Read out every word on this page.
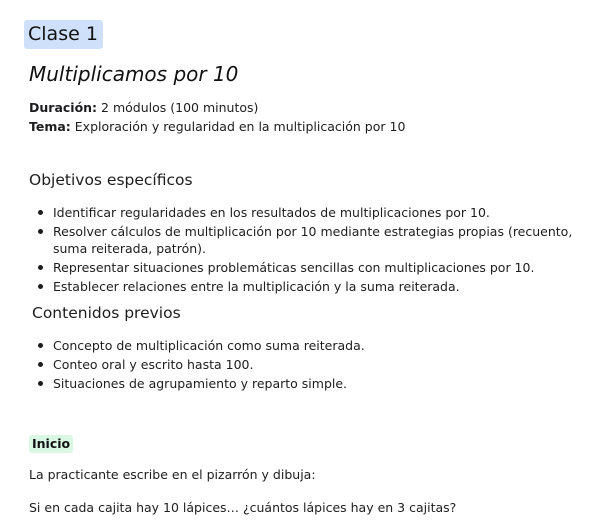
Clase 1
Multiplicamos por 10
Duración: 2 módulos (100 minutos)
Tema: Exploración y regularidad en la multiplicación por 10
Objetivos específicos
Identificar regularidades en los resultados de multiplicaciones por 10.
Resolver cálculos de multiplicación por 10 mediante estrategias propias (recuento, suma reiterada, patrón).
Representar situaciones problemáticas sencillas con multiplicaciones por 10.
Establecer relaciones entre la multiplicación y la suma reiterada.
Contenidos previos
Concepto de multiplicación como suma reiterada.
Conteo oral y escrito hasta 100.
Situaciones de agrupamiento y reparto simple.
Inicio

La practicante escribe en el pizarrón y dibuja:

Si en cada cajita hay 10 lápices… ¿cuántos lápices hay en 3 cajitas?
